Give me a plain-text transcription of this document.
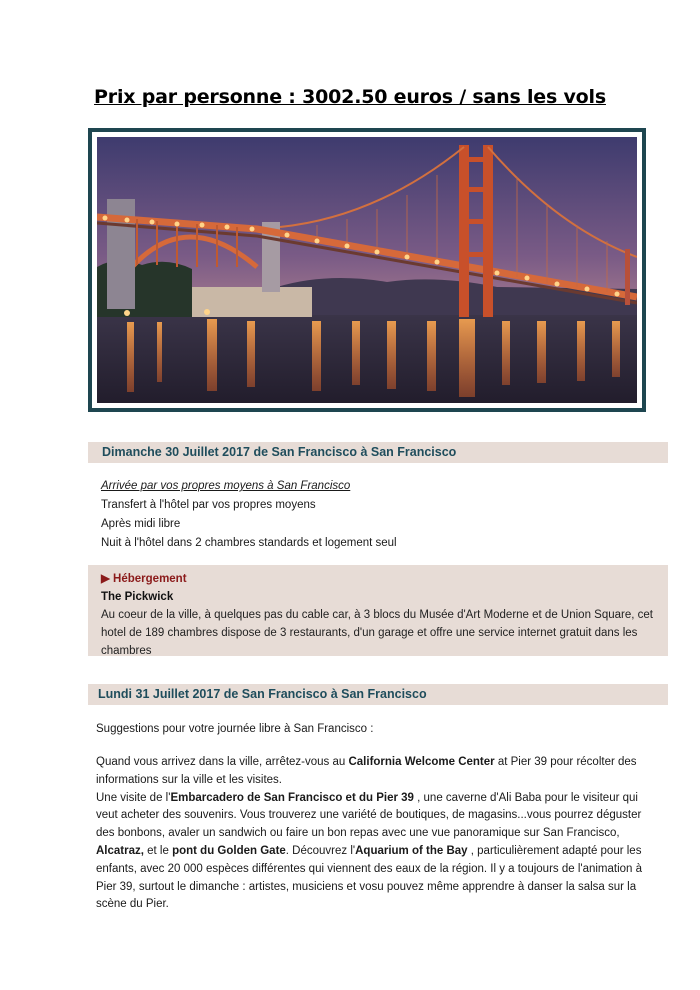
Prix par personne : 3002.50 euros / sans les vols
Dimanche 30 Juillet 2017 de San Francisco à San Francisco
Arrivée par vos propres moyens à San Francisco
Transfert à l'hôtel par vos propres moyens
Après midi libre
Nuit à l'hôtel dans 2 chambres standards et logement seul
▶ Hébergement
The Pickwick
Au coeur de la ville, à quelques pas du cable car, à 3 blocs du Musée d'Art Moderne et de Union Square, cet hotel de 189 chambres dispose de 3 restaurants, d'un garage et offre une service internet gratuit dans les chambres
Lundi 31 Juillet 2017 de San Francisco à San Francisco
Suggestions pour votre journée libre à San Francisco :
Quand vous arrivez dans la ville, arrêtez-vous au California Welcome Center at Pier 39 pour récolter des informations sur la ville et les visites.
Une visite de l'Embarcadero de San Francisco et du Pier 39 , une caverne d'Ali Baba pour le visiteur qui veut acheter des souvenirs. Vous trouverez une variété de boutiques, de magasins...vous pourrez déguster des bonbons, avaler un sandwich ou faire un bon repas avec une vue panoramique sur San Francisco, Alcatraz, et le pont du Golden Gate. Découvrez l'Aquarium of the Bay , particulièrement adapté pour les enfants, avec 20 000 espèces différentes qui viennent des eaux de la région. Il y a toujours de l'animation à Pier 39, surtout le dimanche : artistes, musiciens et vosu pouvez même apprendre à danser la salsa sur la scène du Pier.
